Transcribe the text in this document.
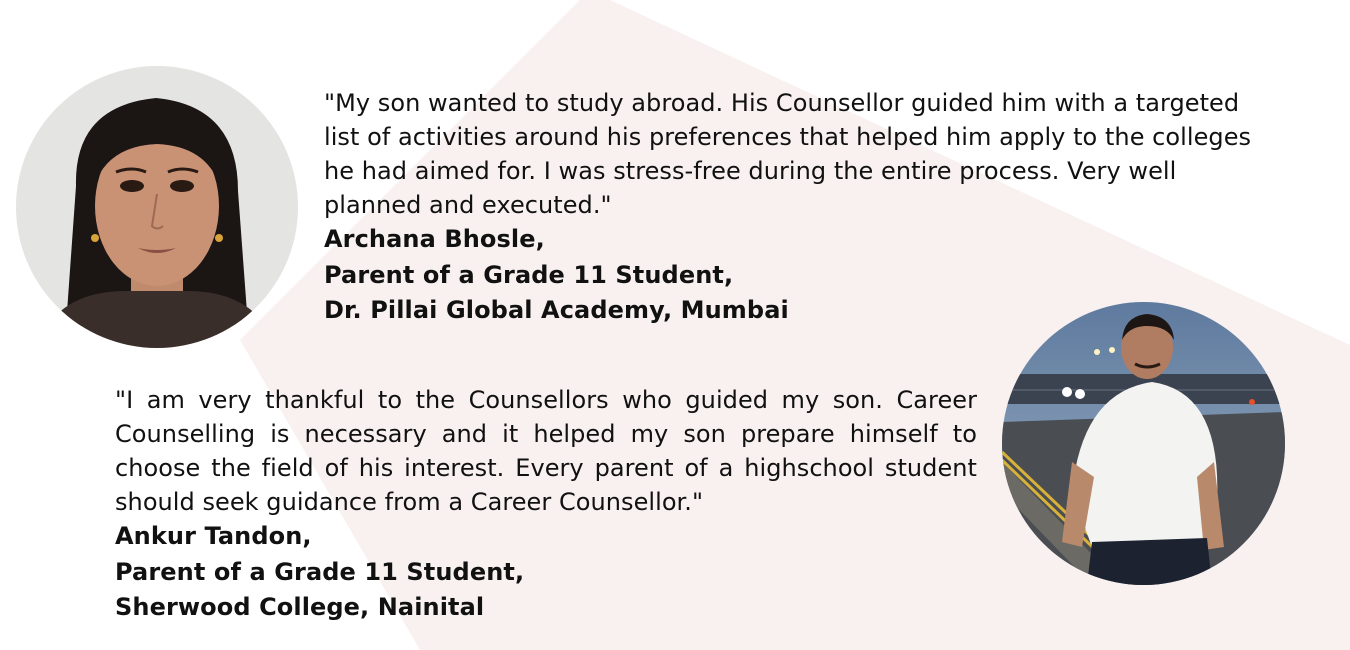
"My son wanted to study abroad. His Counsellor guided him with a targeted list of activities around his preferences that helped him apply to the colleges he had aimed for. I was stress-free during the entire process. Very well planned and executed."

Archana Bhosle,
Parent of a Grade 11 Student,
Dr. Pillai Global Academy, Mumbai

"I am very thankful to the Counsellors who guided my son. Career Counselling is necessary and it helped my son prepare himself to choose the field of his interest. Every parent of a highschool student should seek guidance from a Career Counsellor."

Ankur Tandon,
Parent of a Grade 11 Student,
Sherwood College, Nainital
